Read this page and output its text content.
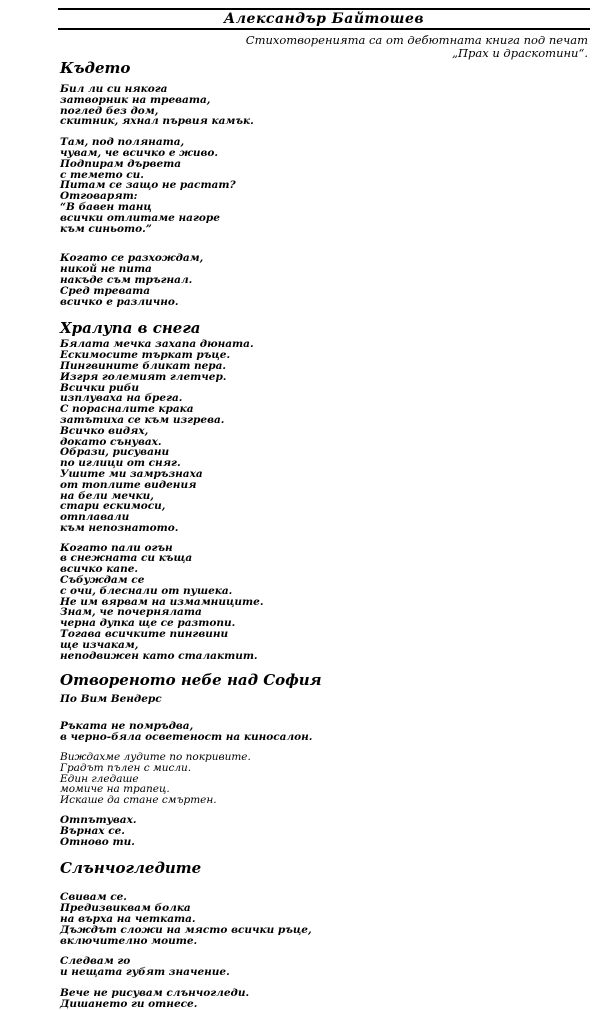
Александър Байтошев
Стихотворенията са от дебютната книга под печат
„Прах и драскотини“.
Където
Бил ли си някога
затворник на тревата,
поглед без дом,
скитник, яхнал първия камък.
Там, под поляната,
чувам, че всичко е живо.
Подпирам дървета
с темето си.
Питам се защо не растат?
Отговарят:
“В бавен танц
всички отлитаме нагоре
към синьото.”
Когато се разхождам,
никой не пита
накъде съм тръгнал.
Сред тревата
всичко е различно.
Хралупа в снега
Бялата мечка захапа дюната.
Ескимосите търкат ръце.
Пингвините бликат пера.
Изгря големият глетчер.
Всички риби
изплуваха на брега.
С порасналите крака
затътиха се към изгрева.
Всичко видях,
докато сънувах.
Образи, рисувани
по иглици от сняг.
Ушите ми замръзнаха
от топлите видения
на бели мечки,
стари ескимоси,
отплавали
към непознатото.
Когато пали огън
в снежната си къща
всичко капе.
Събуждам се
с очи, блеснали от пушека.
Не им вярвам на измамниците.
Знам, че почернялата
черна дупка ще се разтопи.
Тогава всичките пингвини
ще изчакам,
неподвижен като сталактит.
Отвореното небе над София
По Вим Вендерс
Ръката не помръдва,
в черно-бяла осветеност на киносалон.
Виждахме лудите по покривите.
Градът пълен с мисли.
Един гледаше
момиче на трапец.
Искаше да стане смъртен.
Отпътувах.
Върнах се.
Отново ти.
Слънчогледите
Свивам се.
Предизвиквам болка
на върха на четката.
Дъждът сложи на място всички ръце,
включително моите.
Следвам го
и нещата губят значение.
Вече не рисувам слънчогледи.
Дишането ги отнесе.
